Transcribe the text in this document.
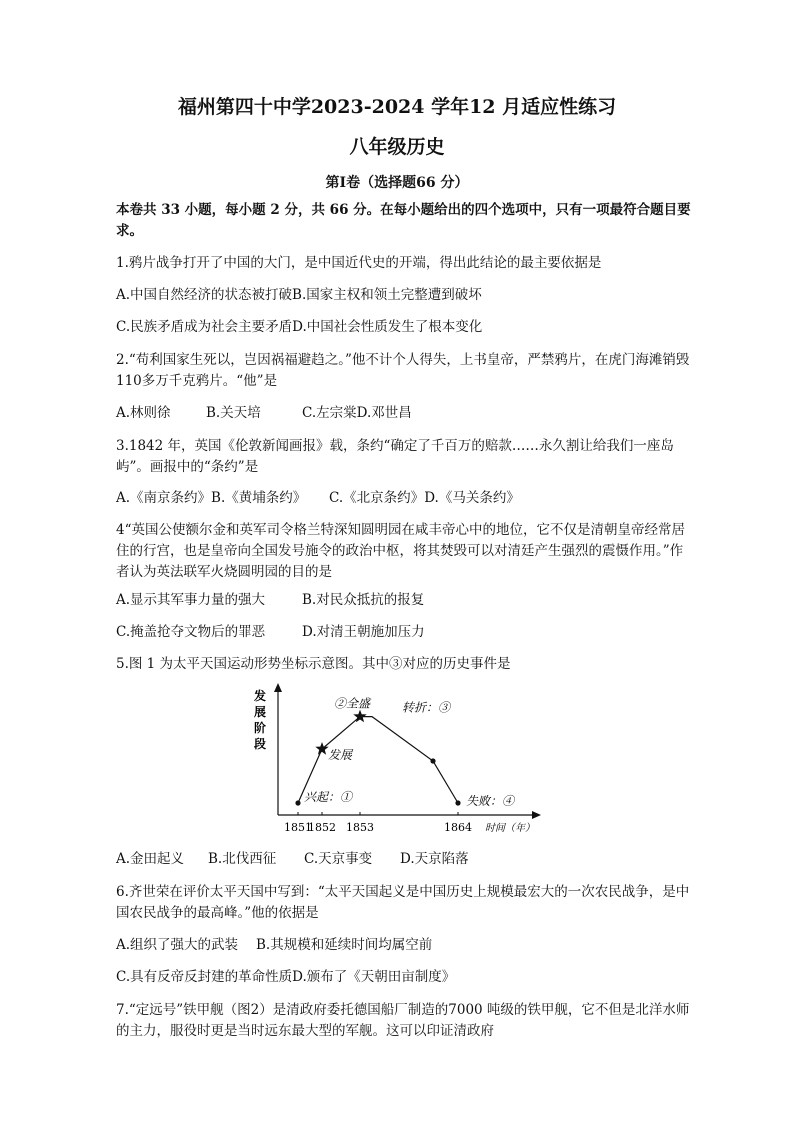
福州第四十中学2023-2024 学年12 月适应性练习
八年级历史
第Ⅰ卷（选择题66 分）
本卷共 33 小题，每小题 2 分，共 66 分。在每小题给出的四个选项中，只有一项最符合题目要求。
1.鸦片战争打开了中国的大门，是中国近代史的开端，得出此结论的最主要依据是
A.中国自然经济的状态被打破B.国家主权和领土完整遭到破坏
C.民族矛盾成为社会主要矛盾D.中国社会性质发生了根本变化
2.“苟利国家生死以，岂因祸福避趋之。”他不计个人得失，上书皇帝，严禁鸦片，在虎门海滩销毁110多万千克鸦片。“他”是
A.林则徐	B.关天培	C.左宗棠D.邓世昌
3.1842 年，英国《伦敦新闻画报》载，条约“确定了千百万的赔款……永久割让给我们一座岛屿”。画报中的“条约”是
A.《南京条约》B.《黄埔条约》 C.《北京条约》D.《马关条约》
4“英国公使额尔金和英军司令格兰特深知圆明园在咸丰帝心中的地位，它不仅是清朝皇帝经常居住的行宫，也是皇帝向全国发号施令的政治中枢，将其焚毁可以对清廷产生强烈的震慑作用。”作者认为英法联军火烧圆明园的目的是
A.显示其军事力量的强大	B.对民众抵抗的报复
C.掩盖抢夺文物后的罪恶	D.对清王朝施加压力
5.图 1 为太平天国运动形势坐标示意图。其中③对应的历史事件是
发
展
阶
段
1851
1852 1853	1864 时间（年）
兴起：①
发展
②全盛	转折：③
失败：④
A.金田起义 B.北伐西征 C.天京事变 D.天京陷落
6.齐世荣在评价太平天国中写到：“太平天国起义是中国历史上规模最宏大的一次农民战争，是中国农民战争的最高峰。”他的依据是
A.组织了强大的武装 B.其规模和延续时间均属空前
C.具有反帝反封建的革命性质D.颁布了《天朝田亩制度》
7.“定远号”铁甲舰（图2）是清政府委托德国船厂制造的7000 吨级的铁甲舰，它不但是北洋水师的主力，服役时更是当时远东最大型的军舰。这可以印证清政府
